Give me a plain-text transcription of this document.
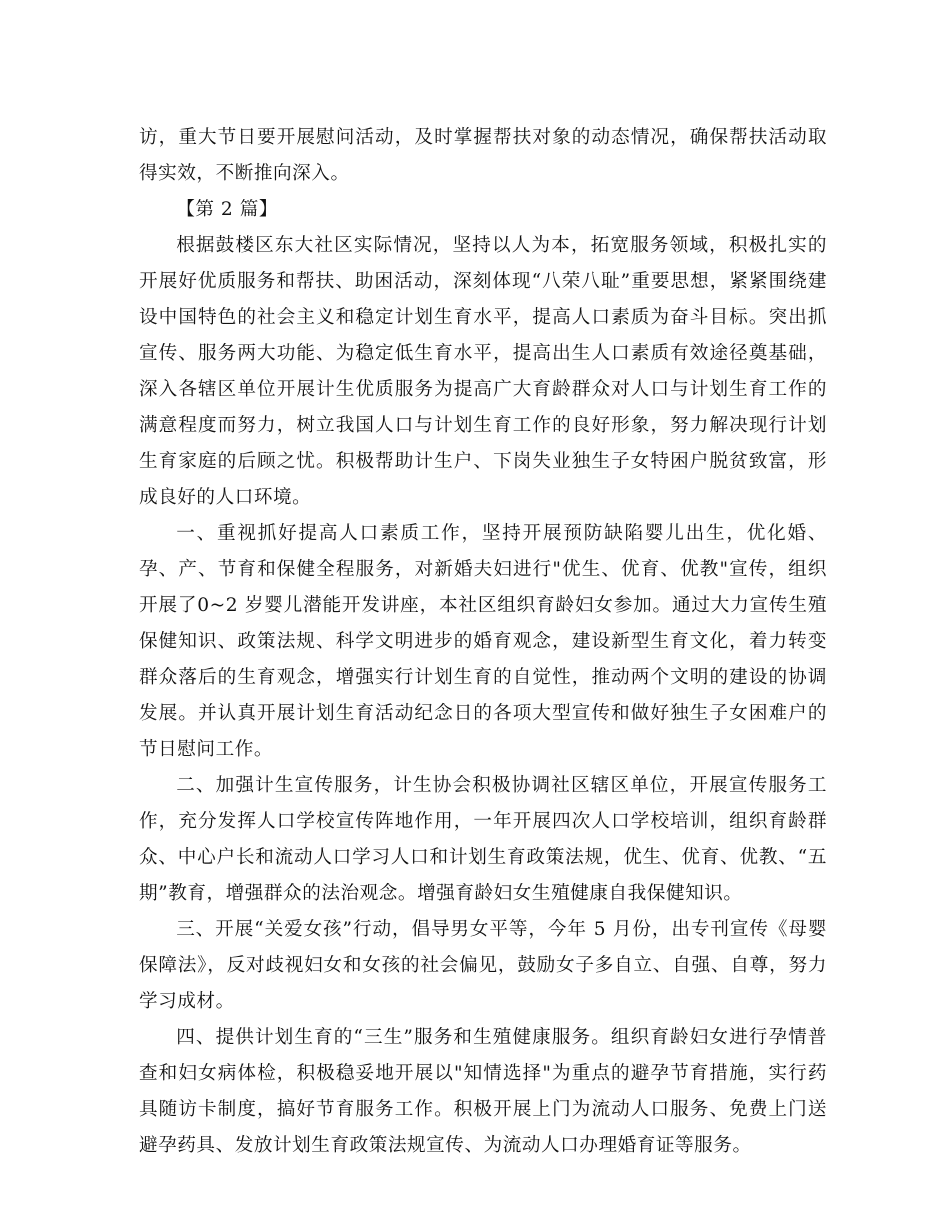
访，重大节日要开展慰问活动，及时掌握帮扶对象的动态情况，确保帮扶活动取得实效，不断推向深入。

【第 2 篇】

根据鼓楼区东大社区实际情况，坚持以人为本，拓宽服务领域，积极扎实的开展好优质服务和帮扶、助困活动，深刻体现“八荣八耻”重要思想，紧紧围绕建设中国特色的社会主义和稳定计划生育水平，提高人口素质为奋斗目标。突出抓宣传、服务两大功能、为稳定低生育水平，提高出生人口素质有效途径奠基础，深入各辖区单位开展计生优质服务为提高广大育龄群众对人口与计划生育工作的满意程度而努力，树立我国人口与计划生育工作的良好形象，努力解决现行计划生育家庭的后顾之忧。积极帮助计生户、下岗失业独生子女特困户脱贫致富，形成良好的人口环境。

一、重视抓好提高人口素质工作，坚持开展预防缺陷婴儿出生，优化婚、孕、产、节育和保健全程服务，对新婚夫妇进行"优生、优育、优教"宣传，组织开展了0~2 岁婴儿潜能开发讲座，本社区组织育龄妇女参加。通过大力宣传生殖保健知识、政策法规、科学文明进步的婚育观念，建设新型生育文化，着力转变群众落后的生育观念，增强实行计划生育的自觉性，推动两个文明的建设的协调发展。并认真开展计划生育活动纪念日的各项大型宣传和做好独生子女困难户的节日慰问工作。

二、加强计生宣传服务，计生协会积极协调社区辖区单位，开展宣传服务工作，充分发挥人口学校宣传阵地作用，一年开展四次人口学校培训，组织育龄群众、中心户长和流动人口学习人口和计划生育政策法规，优生、优育、优教、“五期”教育，增强群众的法治观念。增强育龄妇女生殖健康自我保健知识。

三、开展“关爱女孩”行动，倡导男女平等，今年 5 月份，出专刊宣传《母婴保障法》，反对歧视妇女和女孩的社会偏见，鼓励女子多自立、自强、自尊，努力学习成材。

四、提供计划生育的“三生”服务和生殖健康服务。组织育龄妇女进行孕情普查和妇女病体检，积极稳妥地开展以"知情选择"为重点的避孕节育措施，实行药具随访卡制度，搞好节育服务工作。积极开展上门为流动人口服务、免费上门送避孕药具、发放计划生育政策法规宣传、为流动人口办理婚育证等服务。
